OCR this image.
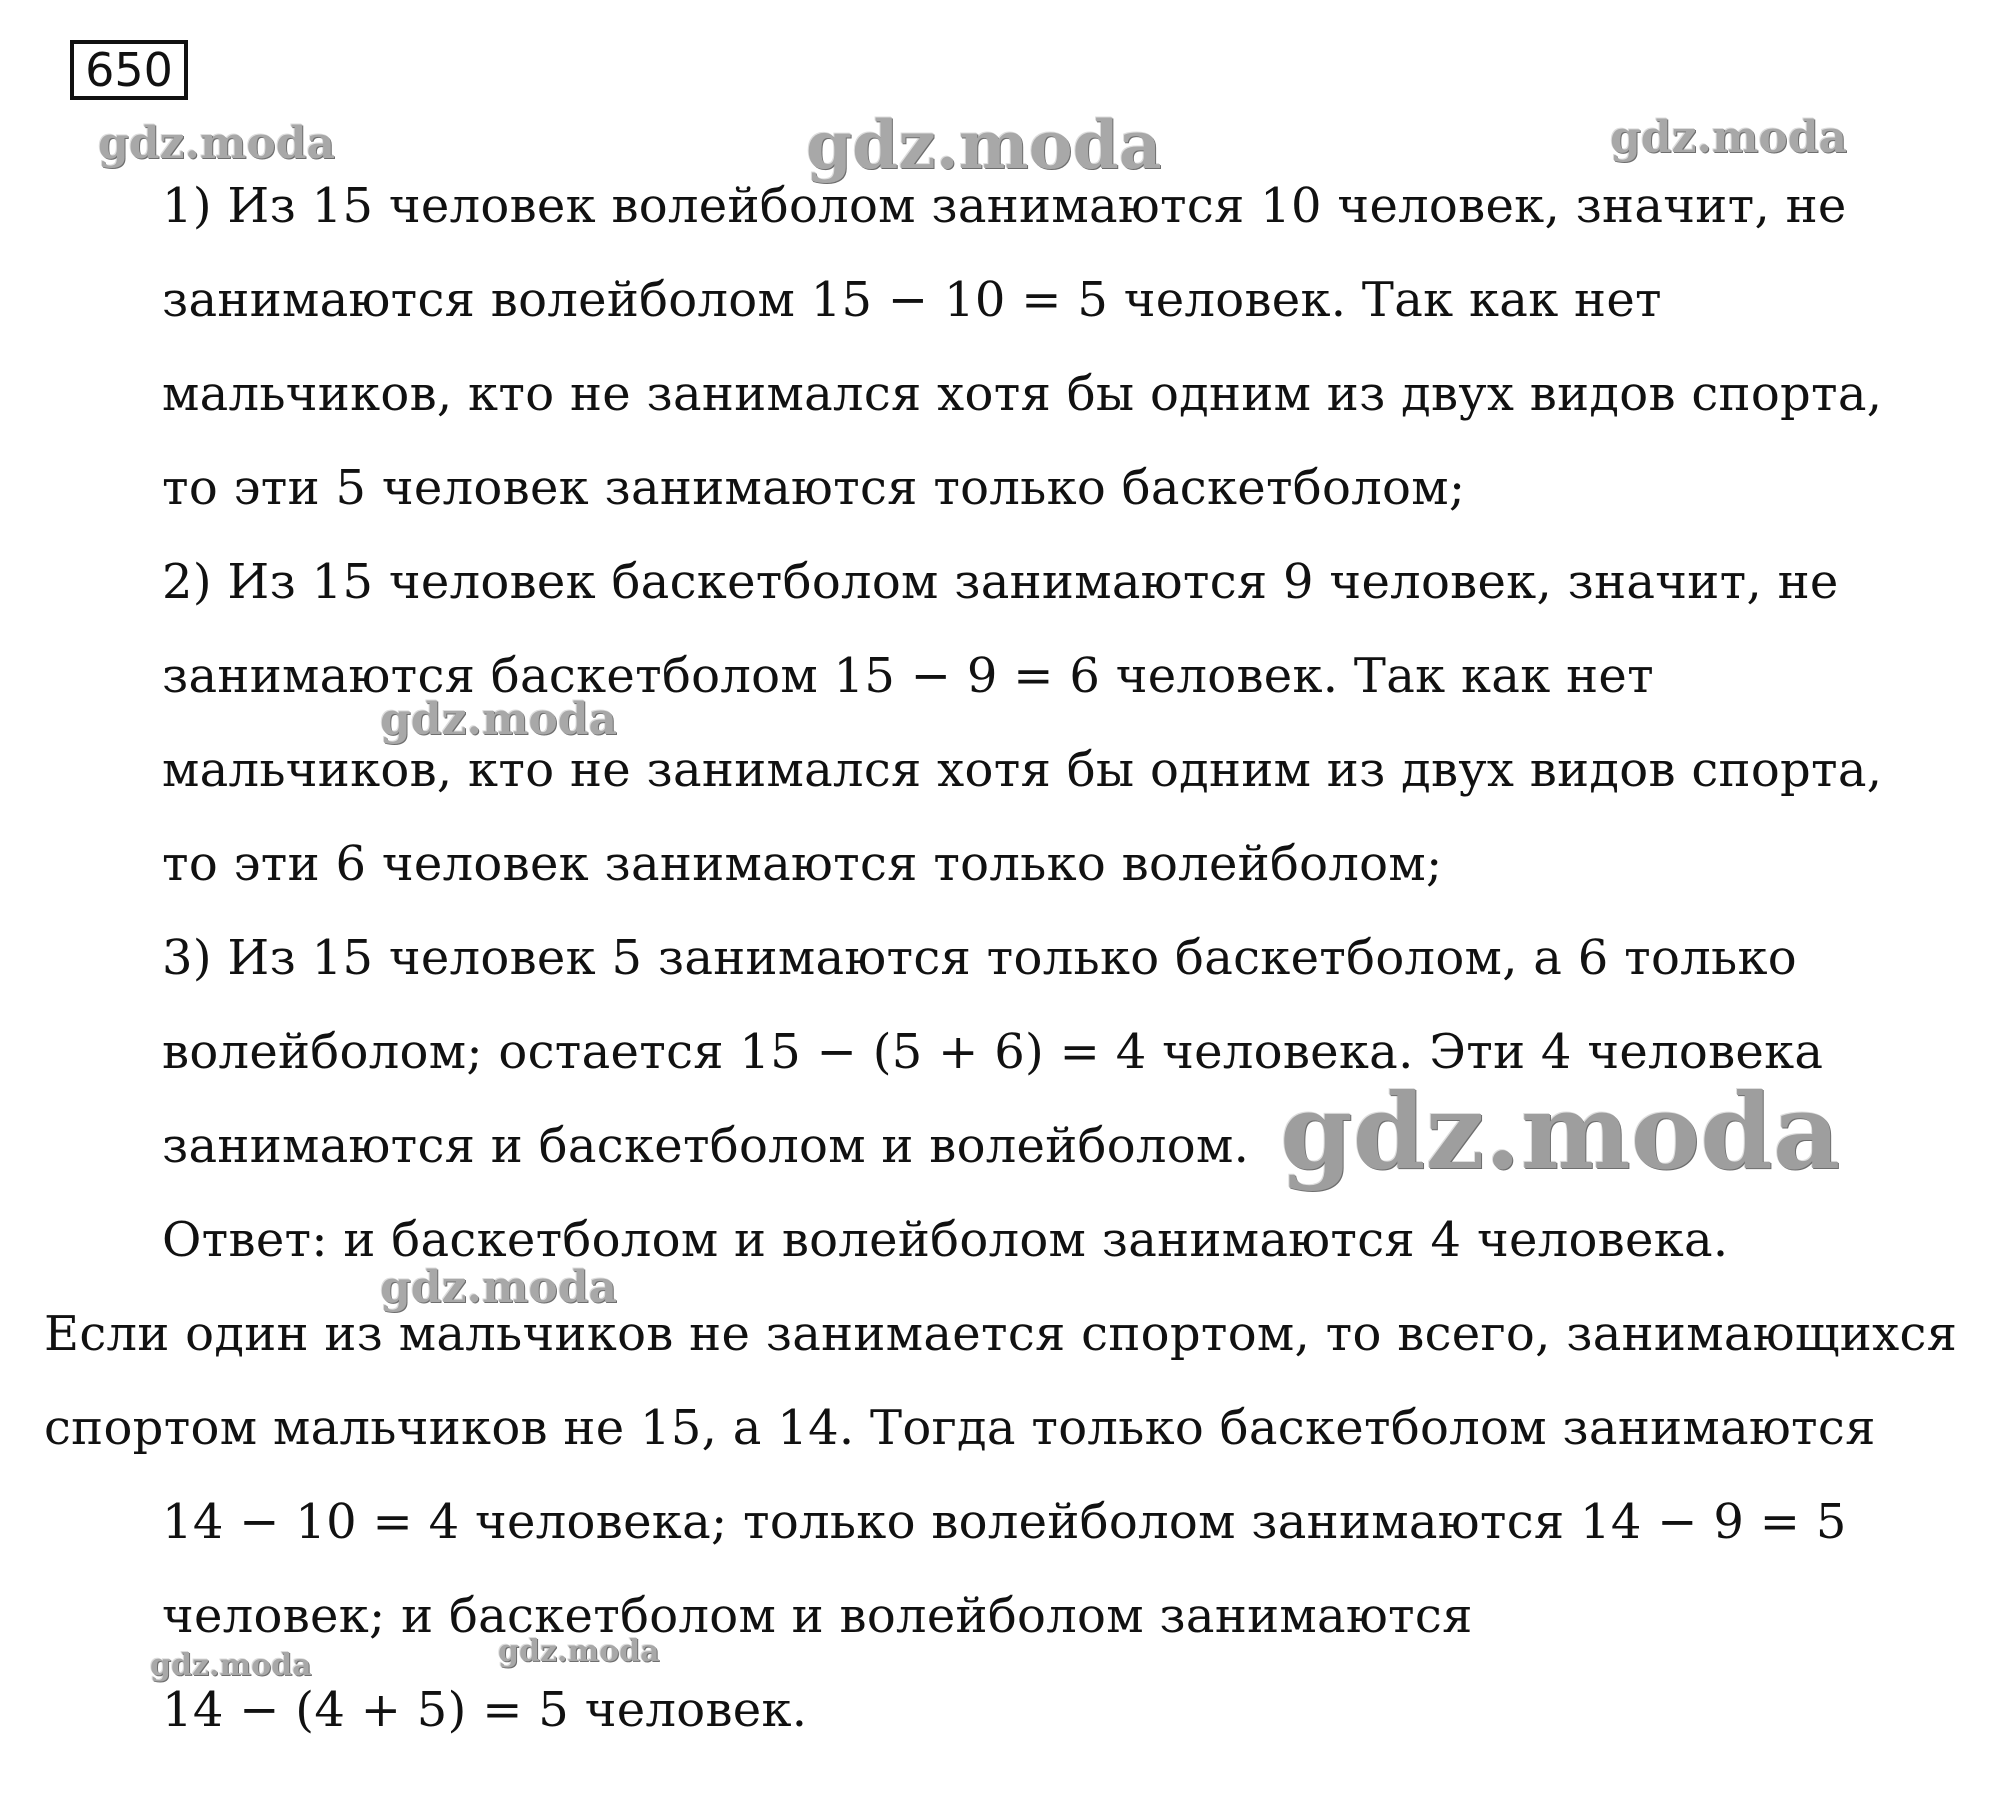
650
gdz.moda	gdz.moda	gdz.moda
gdz.moda
gdz.moda
gdz.moda
gdz.moda	gdz.moda
1) Из 15 человек волейболом занимаются 10 человек, значит, не
занимаются волейболом 15 − 10 = 5 человек. Так как нет
мальчиков, кто не занимался хотя бы одним из двух видов спорта,
то эти 5 человек занимаются только баскетболом;
2) Из 15 человек баскетболом занимаются 9 человек, значит, не
занимаются баскетболом 15 − 9 = 6 человек. Так как нет
мальчиков, кто не занимался хотя бы одним из двух видов спорта,
то эти 6 человек занимаются только волейболом;
3) Из 15 человек 5 занимаются только баскетболом, а 6 только
волейболом; остается 15 − (5 + 6) = 4 человека. Эти 4 человека
занимаются и баскетболом и волейболом.
Ответ: и баскетболом и волейболом занимаются 4 человека.
Если один из мальчиков не занимается спортом, то всего, занимающихся
спортом мальчиков не 15, а 14. Тогда только баскетболом занимаются
14 − 10 = 4 человека; только волейболом занимаются 14 − 9 = 5
человек; и баскетболом и волейболом занимаются
14 − (4 + 5) = 5 человек.
